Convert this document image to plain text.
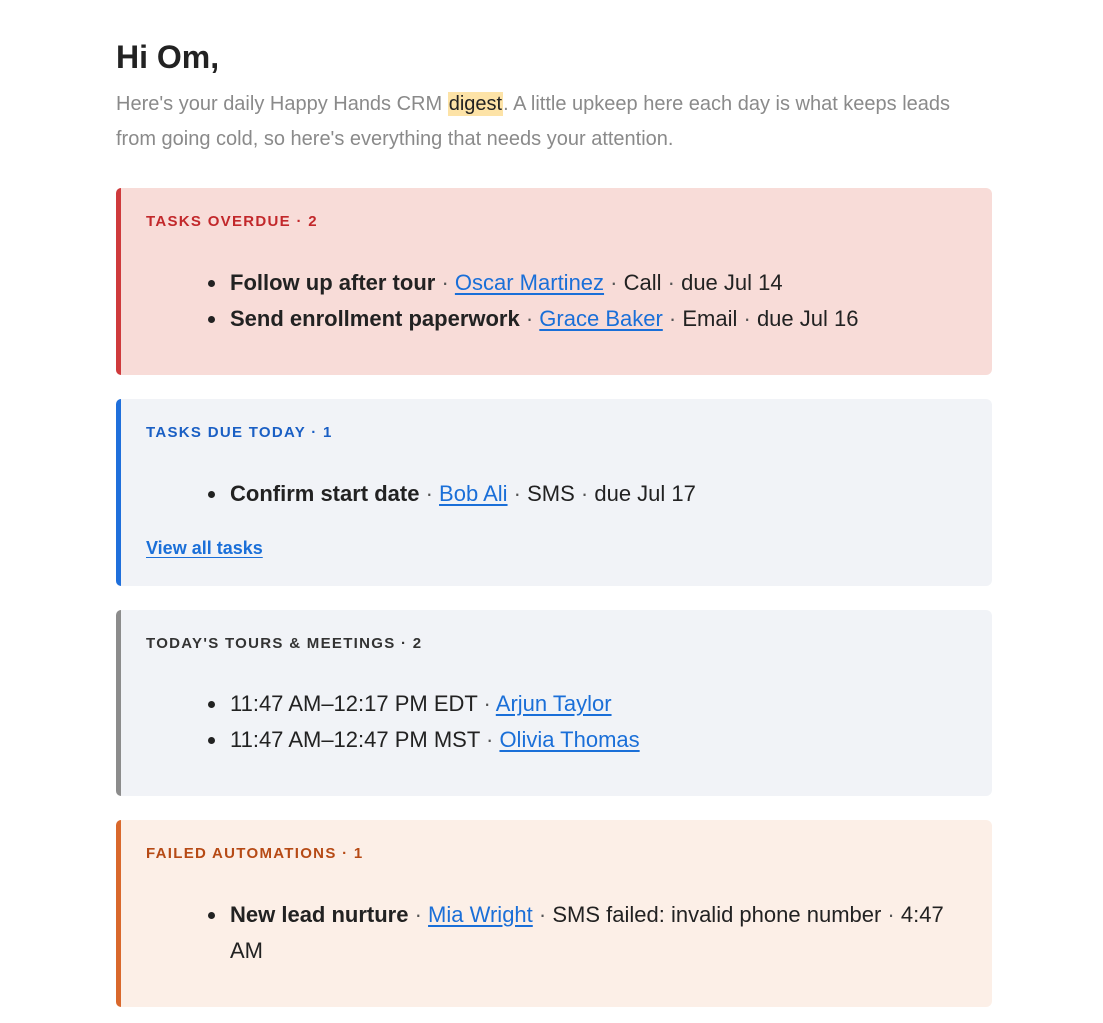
Hi Om,

Here's your daily Happy Hands CRM digest. A little upkeep here each day is what keeps leads from going cold, so here's everything that needs your attention.

TASKS OVERDUE · 2
Follow up after tour · Oscar Martinez · Call · due Jul 14
Send enrollment paperwork · Grace Baker · Email · due Jul 16
TASKS DUE TODAY · 1
Confirm start date · Bob Ali · SMS · due Jul 17
View all tasks
TODAY'S TOURS & MEETINGS · 2
11:47 AM–12:17 PM EDT · Arjun Taylor
11:47 AM–12:47 PM MST · Olivia Thomas
FAILED AUTOMATIONS · 1
New lead nurture · Mia Wright · SMS failed: invalid phone number · 4:47 AM
